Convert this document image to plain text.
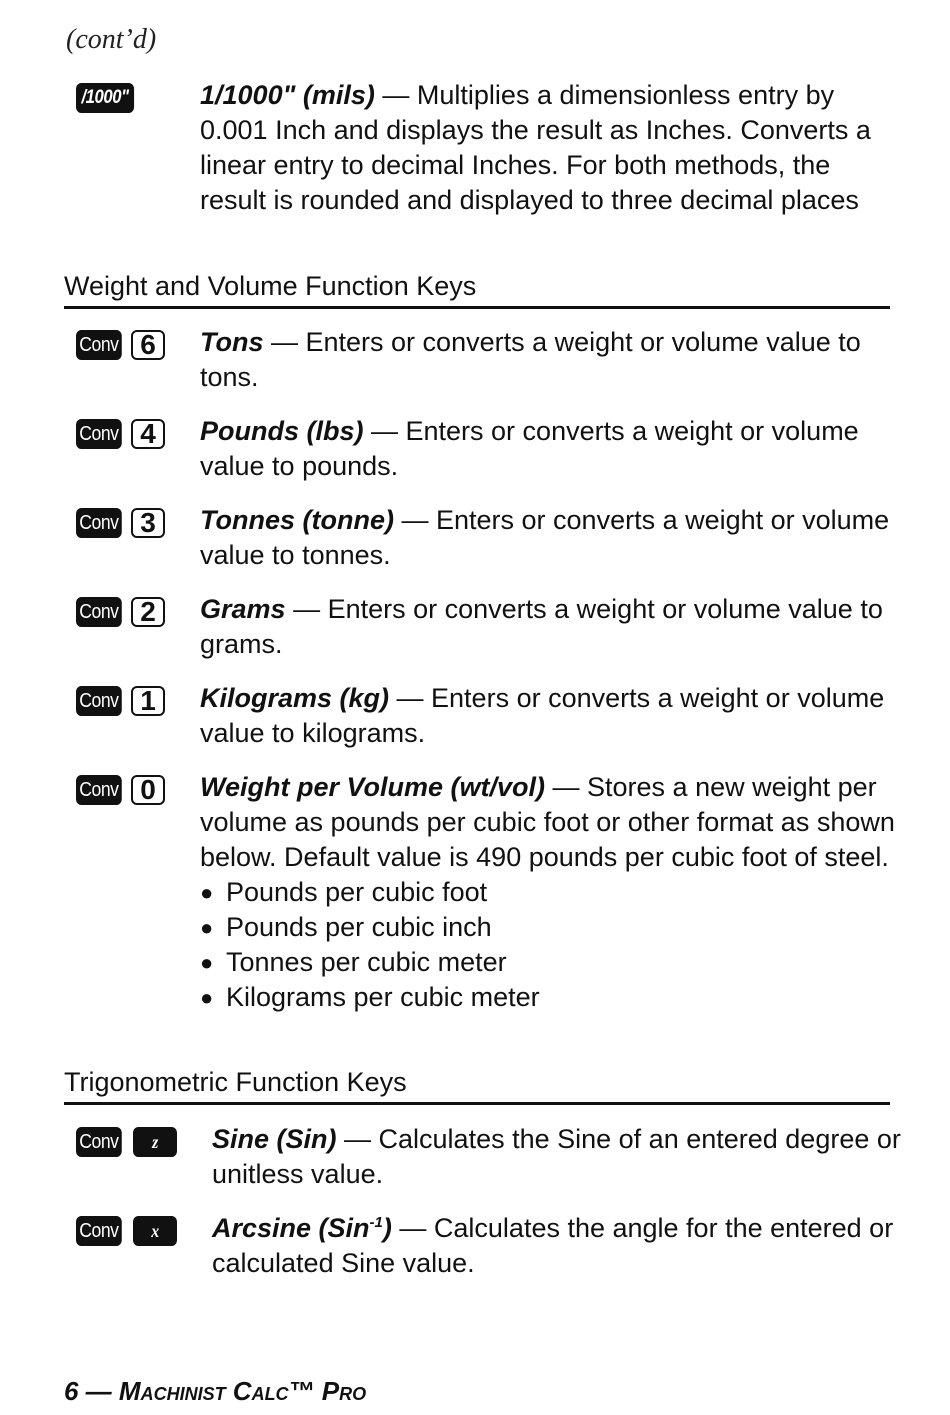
(cont’d)
/1000"	1/1000" (mils) — Multiplies a dimensionless entry by 0.001 Inch and displays the result as Inches. Converts a linear entry to decimal Inches. For both methods, the result is rounded and displayed to three decimal places
Weight and Volume Function Keys
Conv 6	Tons — Enters or converts a weight or volume value to tons.
Conv 4	Pounds (lbs) — Enters or converts a weight or volume value to pounds.
Conv 3	Tonnes (tonne) — Enters or converts a weight or volume value to tonnes.
Conv 2	Grams — Enters or converts a weight or volume value to grams.
Conv 1	Kilograms (kg) — Enters or converts a weight or volume value to kilograms.
Conv 0	Weight per Volume (wt/vol) — Stores a new weight per volume as pounds per cubic foot or other format as shown below. Default value is 490 pounds per cubic foot of steel.
● Pounds per cubic foot
● Pounds per cubic inch
● Tonnes per cubic meter
● Kilograms per cubic meter
Trigonometric Function Keys
Conv	z	Sine (Sin) — Calculates the Sine of an entered degree or unitless value.
Conv	x	Arcsine (Sin$^{-1}$) — Calculates the angle for the entered or calculated Sine value.
6 — Machinist Calc™ Pro
